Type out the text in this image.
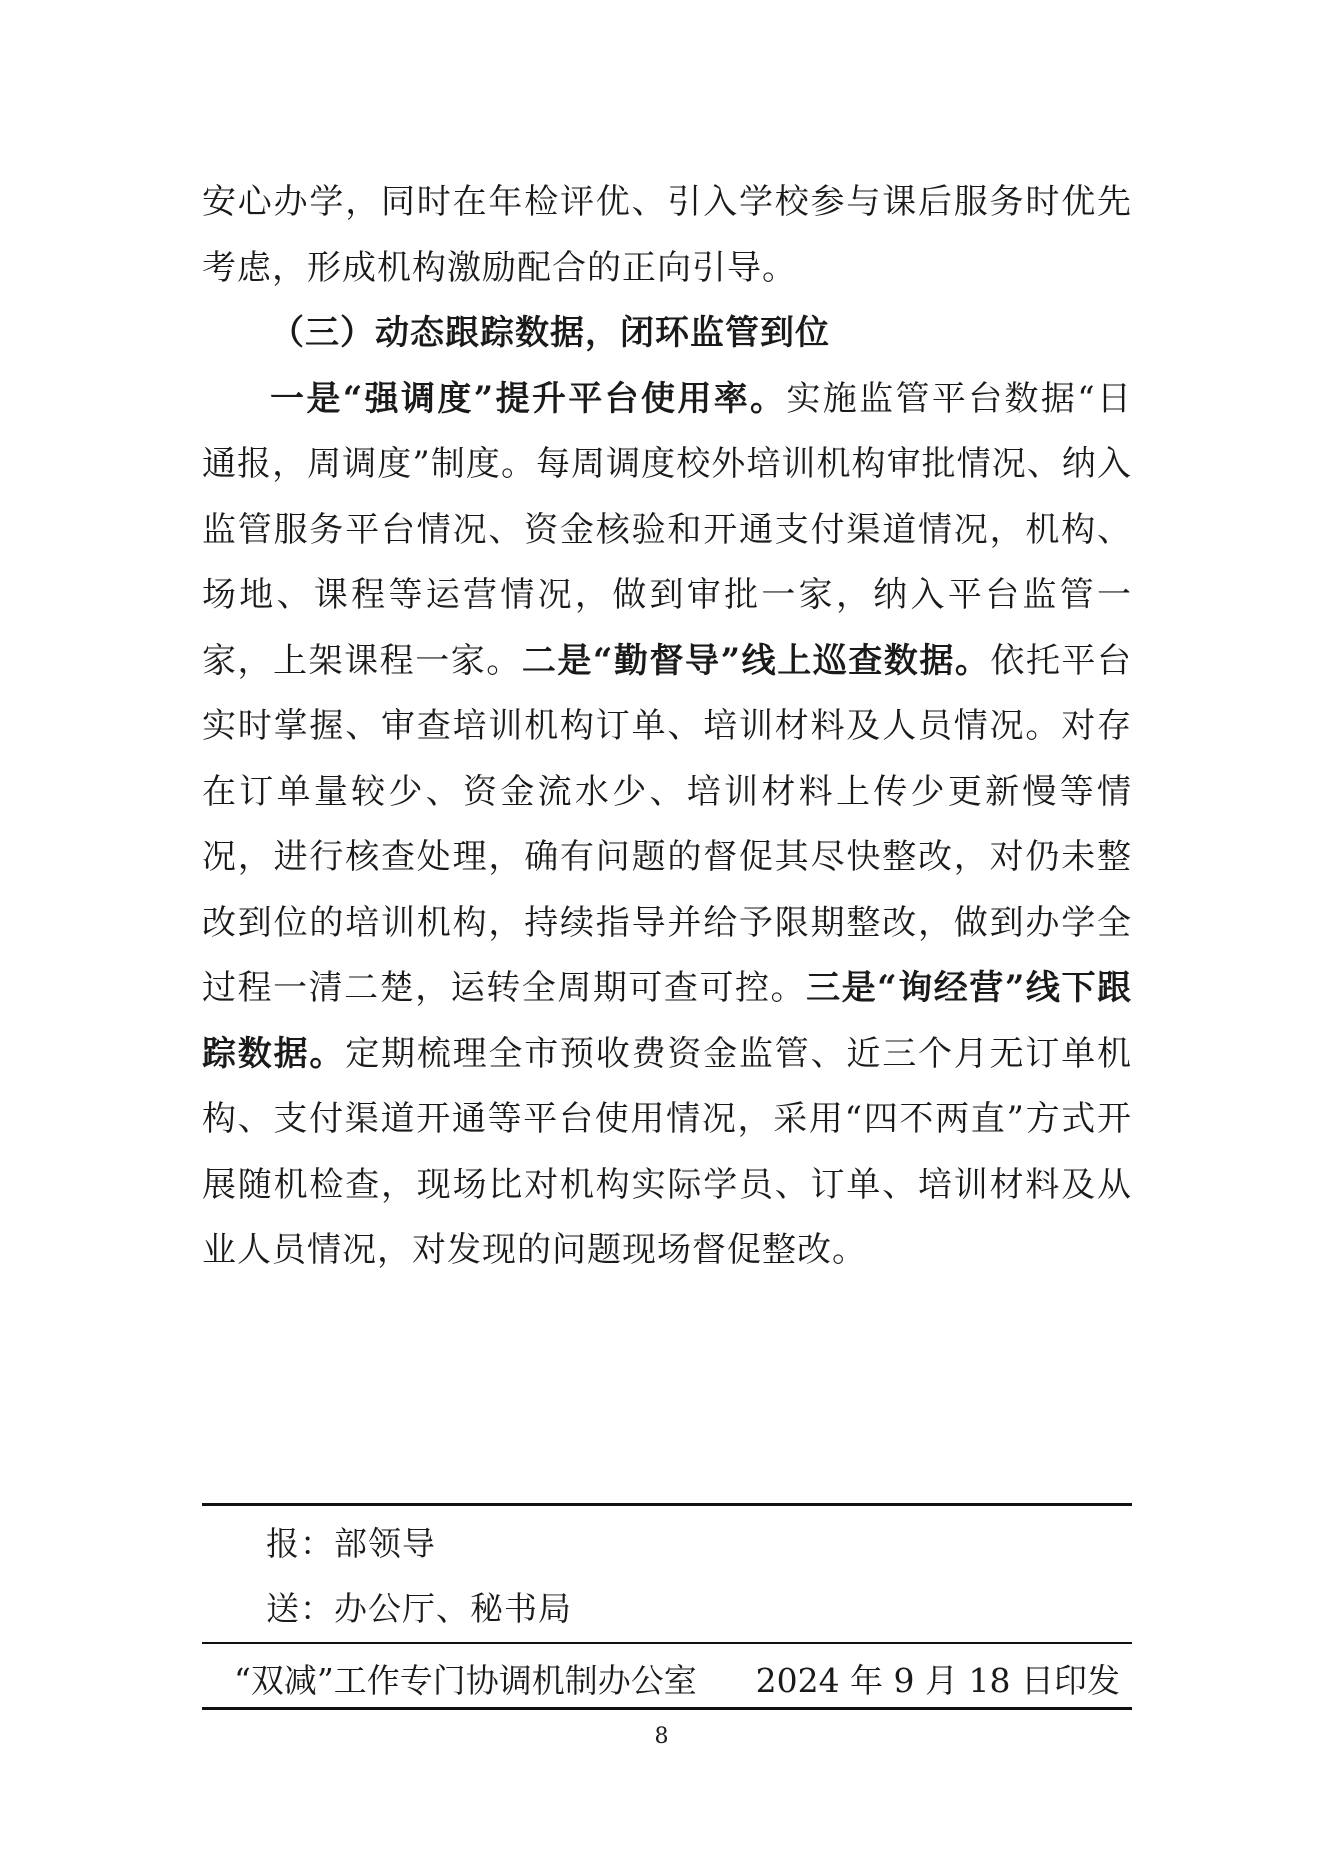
安心办学，同时在年检评优、引入学校参与课后服务时优先考虑，形成机构激励配合的正向引导。

（三）动态跟踪数据，闭环监管到位

一是“强调度”提升平台使用率。实施监管平台数据“日通报，周调度”制度。每周调度校外培训机构审批情况、纳入监管服务平台情况、资金核验和开通支付渠道情况，机构、场地、课程等运营情况，做到审批一家，纳入平台监管一家，上架课程一家。二是“勤督导”线上巡查数据。依托平台实时掌握、审查培训机构订单、培训材料及人员情况。对存在订单量较少、资金流水少、培训材料上传少更新慢等情况，进行核查处理，确有问题的督促其尽快整改，对仍未整改到位的培训机构，持续指导并给予限期整改，做到办学全过程一清二楚，运转全周期可查可控。三是“询经营”线下跟踪数据。定期梳理全市预收费资金监管、近三个月无订单机构、支付渠道开通等平台使用情况，采用“四不两直”方式开展随机检查，现场比对机构实际学员、订单、培训材料及从业人员情况，对发现的问题现场督促整改。

报：部领导
送：办公厅、秘书局
“双减”工作专门协调机制办公室 2024 年 9 月 18 日印发
8
